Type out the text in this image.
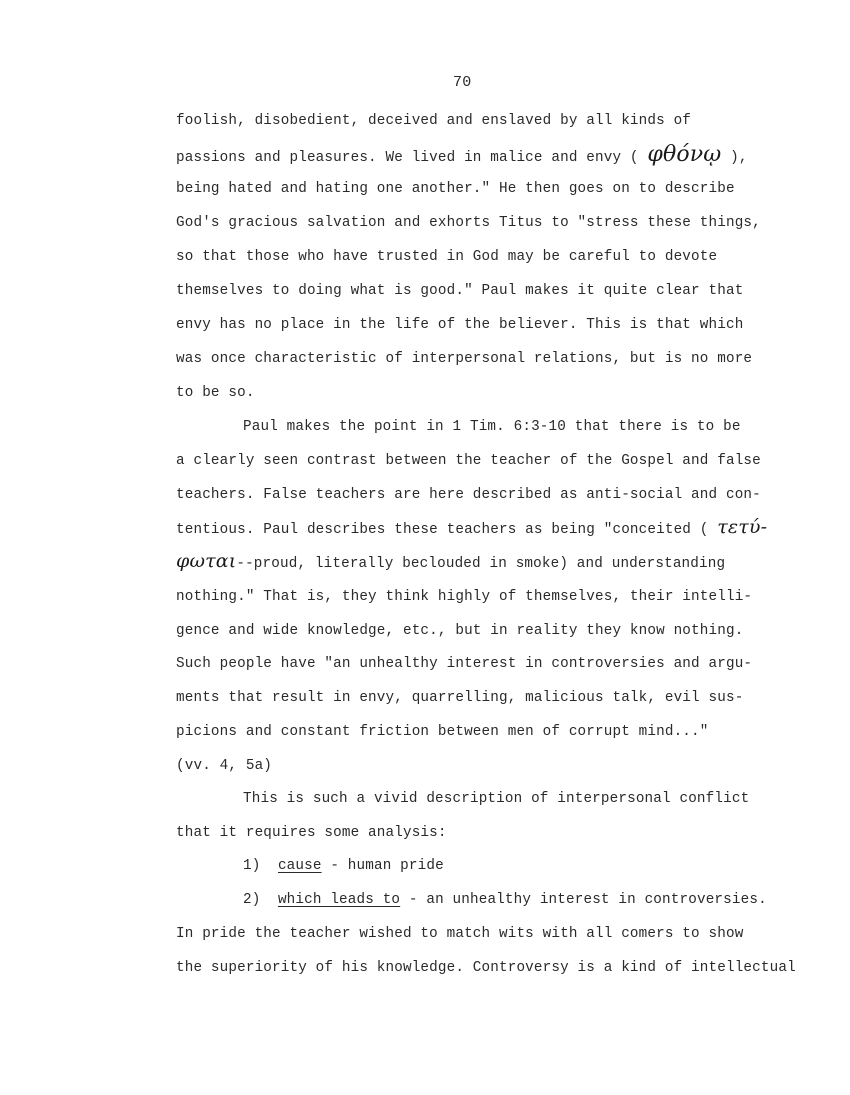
70
foolish, disobedient, deceived and enslaved by all kinds of
passions and pleasures. We lived in malice and envy ( φθόνῳ ),
being hated and hating one another." He then goes on to describe
God's gracious salvation and exhorts Titus to "stress these things,
so that those who have trusted in God may be careful to devote
themselves to doing what is good." Paul makes it quite clear that
envy has no place in the life of the believer. This is that which
was once characteristic of interpersonal relations, but is no more
to be so.
Paul makes the point in 1 Tim. 6:3-10 that there is to be
a clearly seen contrast between the teacher of the Gospel and false
teachers. False teachers are here described as anti-social and con-
tentious. Paul describes these teachers as being "conceited ( τετύ-
φωται--proud, literally beclouded in smoke) and understanding
nothing." That is, they think highly of themselves, their intelli-
gence and wide knowledge, etc., but in reality they know nothing.
Such people have "an unhealthy interest in controversies and argu-
ments that result in envy, quarrelling, malicious talk, evil sus-
picions and constant friction between men of corrupt mind..."
(vv. 4, 5a)
This is such a vivid description of interpersonal conflict
that it requires some analysis:
1) cause - human pride
2) which leads to - an unhealthy interest in controversies.
In pride the teacher wished to match wits with all comers to show
the superiority of his knowledge. Controversy is a kind of intellectual
